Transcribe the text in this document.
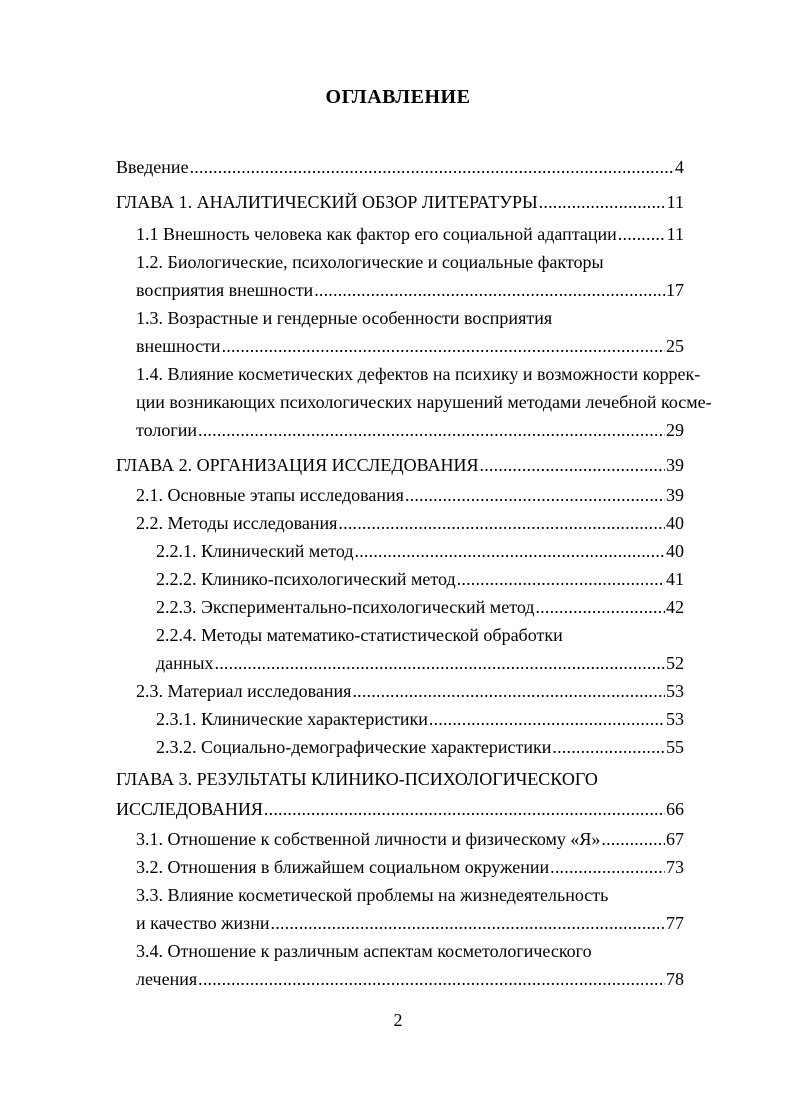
ОГЛАВЛЕНИЕ
Введение .....	4
ГЛАВА 1. АНАЛИТИЧЕСКИЙ ОБЗОР ЛИТЕРАТУРЫ .....	11
1.1 Внешность человека как фактор его социальной адаптации .....	11
1.2. Биологические, психологические и социальные факторы
восприятия внешности .....	17
1.3. Возрастные и гендерные особенности восприятия
внешности .....	25
1.4. Влияние косметических дефектов на психику и возможности коррек-
ции возникающих психологических нарушений методами лечебной косме-
тологии .....	29
ГЛАВА 2. ОРГАНИЗАЦИЯ ИССЛЕДОВАНИЯ .....	39
2.1. Основные этапы исследования .....	39
2.2. Методы исследования .....	40
2.2.1. Клинический метод .....	40
2.2.2. Клинико-психологический метод .....	41
2.2.3. Экспериментально-психологический метод .....	42
2.2.4. Методы математико-статистической обработки
данных .....	52
2.3. Материал исследования .....	53
2.3.1. Клинические характеристики .....	53
2.3.2. Социально-демографические характеристики .....	55
ГЛАВА 3. РЕЗУЛЬТАТЫ КЛИНИКО-ПСИХОЛОГИЧЕСКОГО
ИССЛЕДОВАНИЯ .....	66
3.1. Отношение к собственной личности и физическому «Я» .....	67
3.2. Отношения в ближайшем социальном окружении .....	73
3.3. Влияние косметической проблемы на жизнедеятельность
и качество жизни .....	77
3.4. Отношение к различным аспектам косметологического
лечения .....	78
2
